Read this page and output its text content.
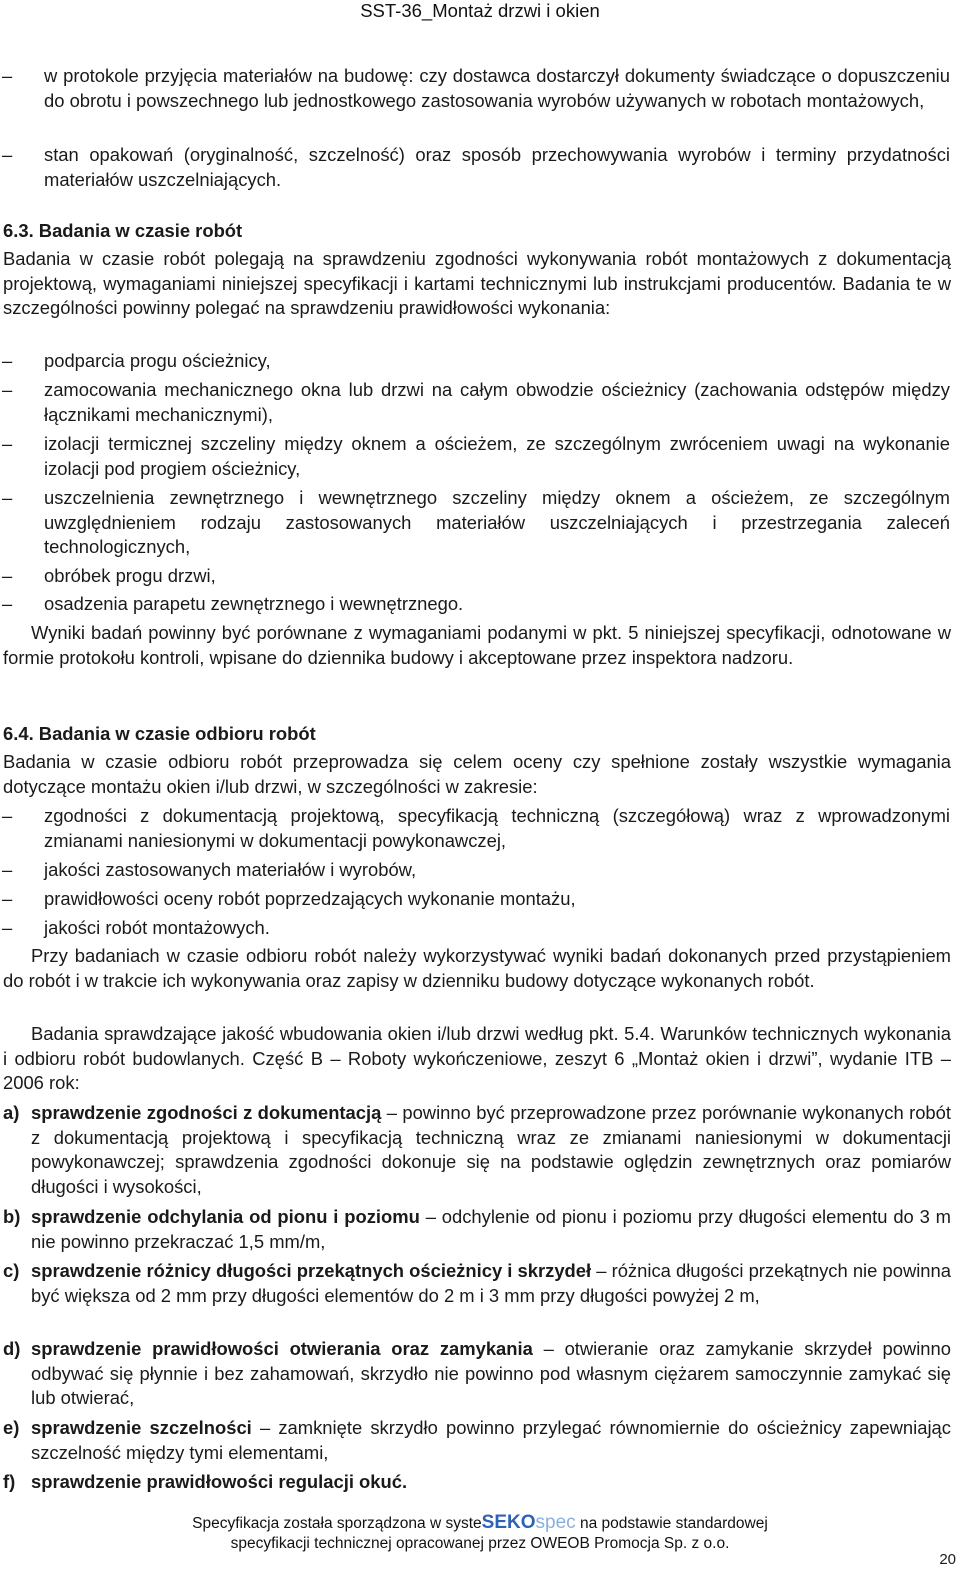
SST-36_Montaż drzwi i okien
– w protokole przyjęcia materiałów na budowę: czy dostawca dostarczył dokumenty świadczące o dopuszczeniu do obrotu i powszechnego lub jednostkowego zastosowania wyrobów używanych w robotach montażowych,
– stan opakowań (oryginalność, szczelność) oraz sposób przechowywania wyrobów i terminy przydatności materiałów uszczelniających.
6.3. Badania w czasie robót

Badania w czasie robót polegają na sprawdzeniu zgodności wykonywania robót montażowych z dokumentacją projektową, wymaganiami niniejszej specyfikacji i kartami technicznymi lub instrukcjami producentów. Badania te w szczególności powinny polegać na sprawdzeniu prawidłowości wykonania:

– podparcia progu ościeżnicy,
– zamocowania mechanicznego okna lub drzwi na całym obwodzie ościeżnicy (zachowania odstępów między łącznikami mechanicznymi),
– izolacji termicznej szczeliny między oknem a ościeżem, ze szczególnym zwróceniem uwagi na wykonanie izolacji pod progiem ościeżnicy,
– uszczelnienia zewnętrznego i wewnętrznego szczeliny między oknem a ościeżem, ze szczególnym uwzględnieniem rodzaju zastosowanych materiałów uszczelniających i przestrzegania zaleceń technologicznych,
– obróbek progu drzwi,
– osadzenia parapetu zewnętrznego i wewnętrznego.

Wyniki badań powinny być porównane z wymaganiami podanymi w pkt. 5 niniejszej specyfikacji, odnotowane w formie protokołu kontroli, wpisane do dziennika budowy i akceptowane przez inspektora nadzoru.

6.4. Badania w czasie odbioru robót

Badania w czasie odbioru robót przeprowadza się celem oceny czy spełnione zostały wszystkie wymagania dotyczące montażu okien i/lub drzwi, w szczególności w zakresie:

– zgodności z dokumentacją projektową, specyfikacją techniczną (szczegółową) wraz z wprowadzonymi zmianami naniesionymi w dokumentacji powykonawczej,
– jakości zastosowanych materiałów i wyrobów,
– prawidłowości oceny robót poprzedzających wykonanie montażu,
– jakości robót montażowych.

Przy badaniach w czasie odbioru robót należy wykorzystywać wyniki badań dokonanych przed przystąpieniem do robót i w trakcie ich wykonywania oraz zapisy w dzienniku budowy dotyczące wykonanych robót.

Badania sprawdzające jakość wbudowania okien i/lub drzwi według pkt. 5.4. Warunków technicznych wykonania i odbioru robót budowlanych. Część B – Roboty wykończeniowe, zeszyt 6 „Montaż okien i drzwi”, wydanie ITB – 2006 rok:

a) sprawdzenie zgodności z dokumentacją – powinno być przeprowadzone przez porównanie wykonanych robót z dokumentacją projektową i specyfikacją techniczną wraz ze zmianami naniesionymi w dokumentacji powykonawczej; sprawdzenia zgodności dokonuje się na podstawie oględzin zewnętrznych oraz pomiarów długości i wysokości,
b) sprawdzenie odchylania od pionu i poziomu – odchylenie od pionu i poziomu przy długości elementu do 3 m nie powinno przekraczać 1,5 mm/m,
c) sprawdzenie różnicy długości przekątnych ościeżnicy i skrzydeł – różnica długości przekątnych nie powinna być większa od 2 mm przy długości elementów do 2 m i 3 mm przy długości powyżej 2 m,
d) sprawdzenie prawidłowości otwierania oraz zamykania – otwieranie oraz zamykanie skrzydeł powinno odbywać się płynnie i bez zahamowań, skrzydło nie powinno pod własnym ciężarem samoczynnie zamykać się lub otwierać,
e) sprawdzenie szczelności – zamknięte skrzydło powinno przylegać równomiernie do ościeżnicy zapewniając szczelność między tymi elementami,
f) sprawdzenie prawidłowości regulacji okuć.
Specyfikacja została sporządzona w systeSEKOspec na podstawie standardowej
specyfikacji technicznej opracowanej przez OWEOB Promocja Sp. z o.o.
20
